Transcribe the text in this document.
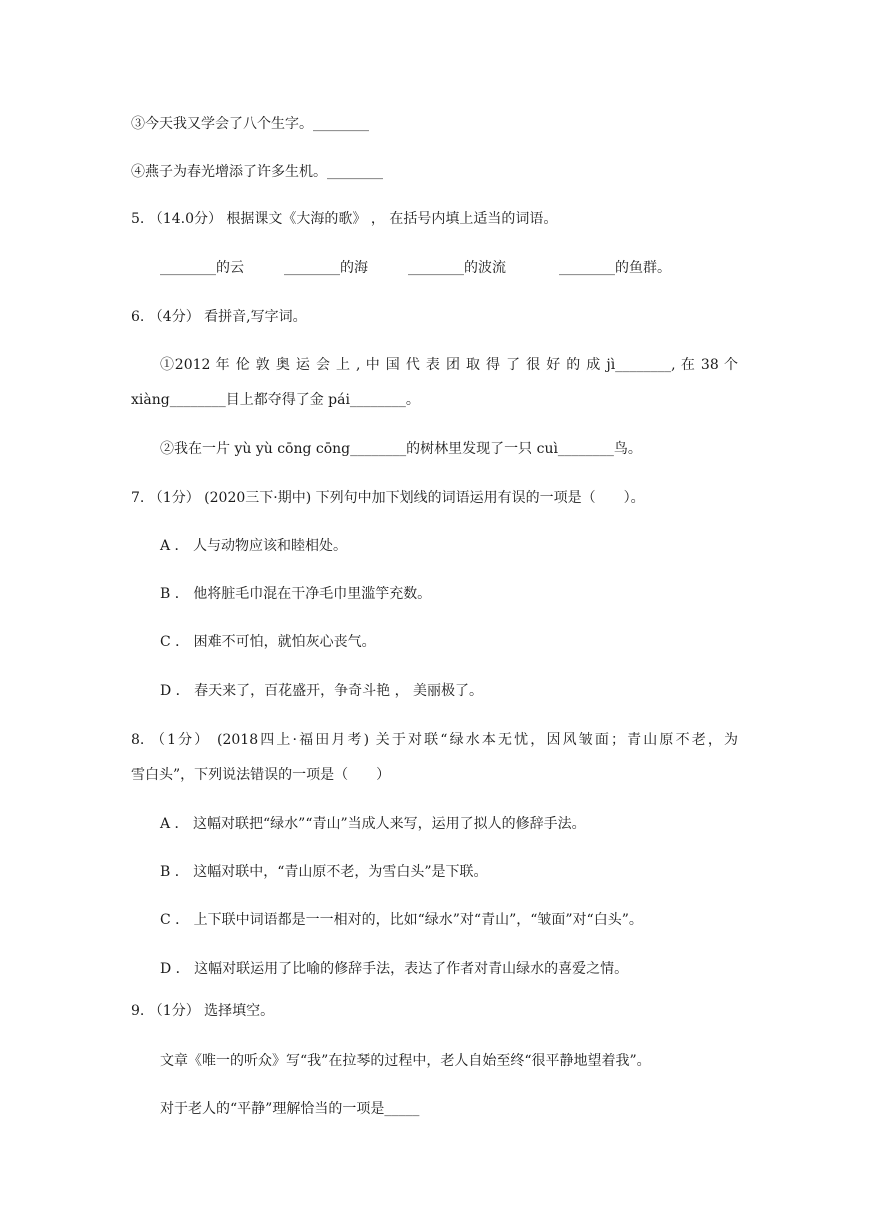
③今天我又学会了八个生字。________
④燕子为春光增添了许多生机。________
5. （14.0分） 根据课文《大海的歌》 ， 在括号内填上适当的词语。
________的云	________的海	________的波流	________的鱼群。
6. （4分） 看拼音,写字词。
①2012 年 伦 敦 奥 运 会 上 , 中 国 代 表 团 取 得 了 很 好 的 成 jì________, 在 38 个
xiàng________目上都夺得了金 pái________。
②我在一片 yù yù cōng cōng________的树林里发现了一只 cuì________鸟。
7. （1分） (2020三下·期中) 下列句中加下划线的词语运用有误的一项是（　　）。
A ． 人与动物应该和睦相处。
B ． 他将脏毛巾混在干净毛巾里滥竽充数。
C ． 困难不可怕，就怕灰心丧气。
D ． 春天来了，百花盛开，争奇斗艳 ， 美丽极了。
8. （1分） (2018四上·福田月考) 关于对联“绿水本无忧，因风皱面；青山原不老，为
雪白头”，下列说法错误的一项是（　　）
A ． 这幅对联把“绿水”“青山”当成人来写，运用了拟人的修辞手法。
B ． 这幅对联中，“青山原不老，为雪白头”是下联。
C ． 上下联中词语都是一一相对的，比如“绿水”对“青山”，“皱面”对“白头”。
D ． 这幅对联运用了比喻的修辞手法，表达了作者对青山绿水的喜爱之情。
9. （1分） 选择填空。
文章《唯一的听众》写“我”在拉琴的过程中，老人自始至终“很平静地望着我”。
对于老人的“平静”理解恰当的一项是_____
